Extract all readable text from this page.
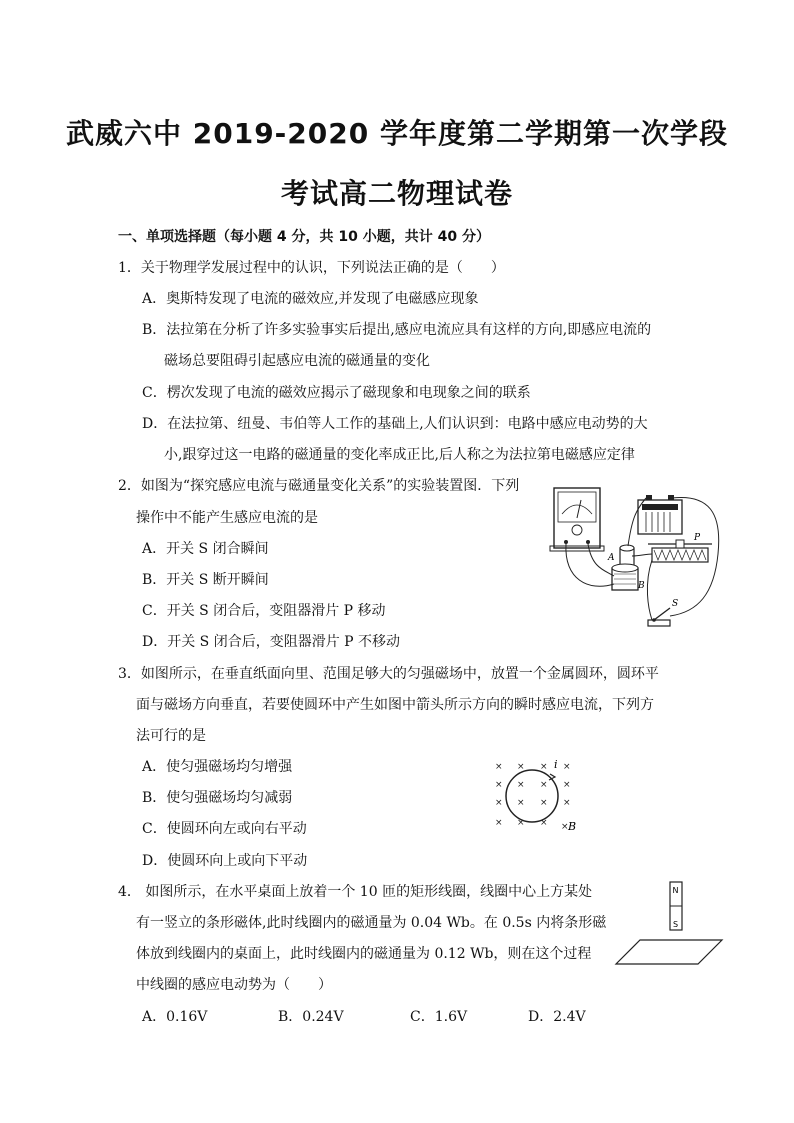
武威六中 2019-2020 学年度第二学期第一次学段
考试高二物理试卷
一、单项选择题（每小题 4 分，共 10 小题，共计 40 分）
1．关于物理学发展过程中的认识，下列说法正确的是（　　）
A．奥斯特发现了电流的磁效应,并发现了电磁感应现象
B．法拉第在分析了许多实验事实后提出,感应电流应具有这样的方向,即感应电流的
磁场总要阻碍引起感应电流的磁通量的变化
C．楞次发现了电流的磁效应揭示了磁现象和电现象之间的联系
D．在法拉第、纽曼、韦伯等人工作的基础上,人们认识到：电路中感应电动势的大
小,跟穿过这一电路的磁通量的变化率成正比,后人称之为法拉第电磁感应定律
2．如图为“探究感应电流与磁通量变化关系”的实验装置图．下列
操作中不能产生感应电流的是
A．开关 S 闭合瞬间
B．开关 S 断开瞬间
C．开关 S 闭合后，变阻器滑片 P 移动
D．开关 S 闭合后，变阻器滑片 P 不移动
A
B
P
S
3．如图所示，在垂直纸面向里、范围足够大的匀强磁场中，放置一个金属圆环，圆环平
面与磁场方向垂直，若要使圆环中产生如图中箭头所示方向的瞬时感应电流，下列方
法可行的是
A．使匀强磁场均匀增强
B．使匀强磁场均匀减弱
C．使圆环向左或向右平动
D．使圆环向上或向下平动
× × × ×
× × × ×
× × × ×
× × × ×
i
B
4． 如图所示，在水平桌面上放着一个 10 匝的矩形线圈，线圈中心上方某处
有一竖立的条形磁体,此时线圈内的磁通量为 0.04 Wb。在 0.5s 内将条形磁
体放到线圈内的桌面上，此时线圈内的磁通量为 0.12 Wb，则在这个过程
中线圈的感应电动势为（　　）
A．0.16V	B．0.24V	C．1.6V	D．2.4V
N
S
